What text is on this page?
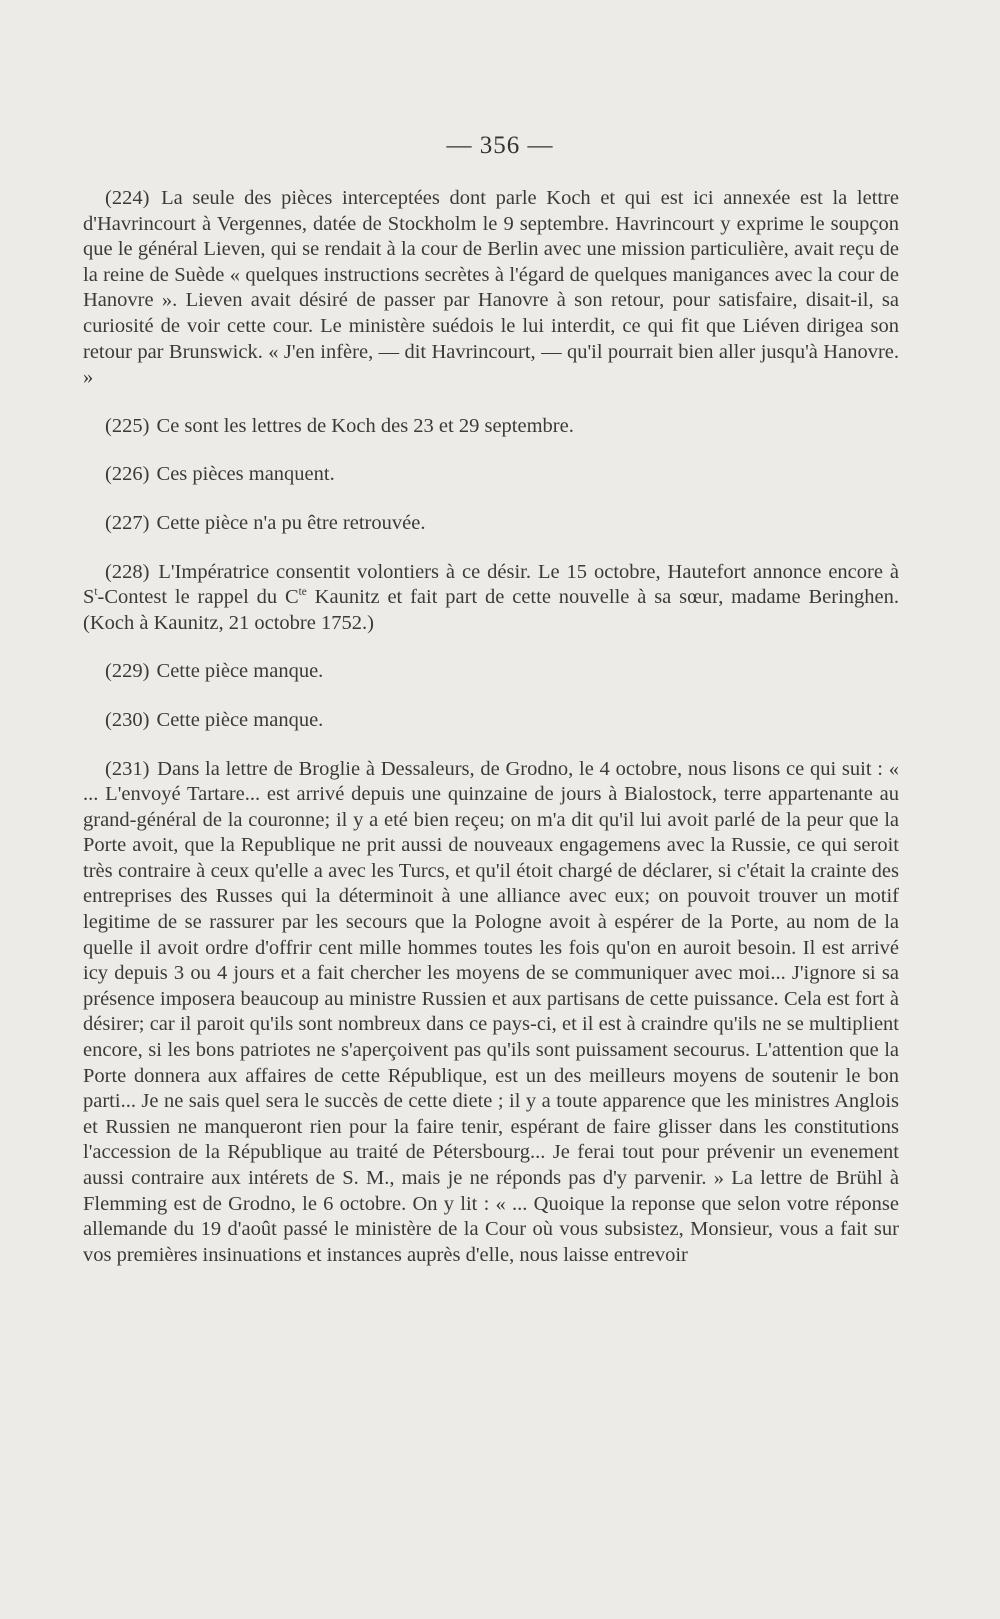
— 356 —

(224) La seule des pièces interceptées dont parle Koch et qui est ici annexée est la lettre d'Havrincourt à Vergennes, datée de Stockholm le 9 septembre. Havrincourt y exprime le soupçon que le général Lieven, qui se rendait à la cour de Berlin avec une mission particulière, avait reçu de la reine de Suède « quelques instructions secrètes à l'égard de quelques manigances avec la cour de Hanovre ». Lieven avait désiré de passer par Hanovre à son retour, pour satisfaire, disait-il, sa curiosité de voir cette cour. Le ministère suédois le lui interdit, ce qui fit que Liéven dirigea son retour par Brunswick. « J'en infère, — dit Havrincourt, — qu'il pourrait bien aller jusqu'à Hanovre. »

(225) Ce sont les lettres de Koch des 23 et 29 septembre.

(226) Ces pièces manquent.

(227) Cette pièce n'a pu être retrouvée.

(228) L'Impératrice consentit volontiers à ce désir. Le 15 octobre, Hautefort annonce encore à $S^t$-Contest le rappel du $C^{te}$ Kaunitz et fait part de cette nouvelle à sa sœur, madame Beringhen. (Koch à Kaunitz, 21 octobre 1752.)

(229) Cette pièce manque.

(230) Cette pièce manque.

(231) Dans la lettre de Broglie à Dessaleurs, de Grodno, le 4 octobre, nous lisons ce qui suit : « ... L'envoyé Tartare... est arrivé depuis une quinzaine de jours à Bialostock, terre appartenante au grand-général de la couronne; il y a eté bien reçeu; on m'a dit qu'il lui avoit parlé de la peur que la Porte avoit, que la Republique ne prit aussi de nouveaux engagemens avec la Russie, ce qui seroit très contraire à ceux qu'elle a avec les Turcs, et qu'il étoit chargé de déclarer, si c'était la crainte des entreprises des Russes qui la déterminoit à une alliance avec eux; on pouvoit trouver un motif legitime de se rassurer par les secours que la Pologne avoit à espérer de la Porte, au nom de la quelle il avoit ordre d'offrir cent mille hommes toutes les fois qu'on en auroit besoin. Il est arrivé icy depuis 3 ou 4 jours et a fait chercher les moyens de se communiquer avec moi... J'ignore si sa présence imposera beaucoup au ministre Russien et aux partisans de cette puissance. Cela est fort à désirer; car il paroit qu'ils sont nombreux dans ce pays-ci, et il est à craindre qu'ils ne se multiplient encore, si les bons patriotes ne s'aperçoivent pas qu'ils sont puissament secourus. L'attention que la Porte donnera aux affaires de cette République, est un des meilleurs moyens de soutenir le bon parti... Je ne sais quel sera le succès de cette diete ; il y a toute apparence que les ministres Anglois et Russien ne manqueront rien pour la faire tenir, espérant de faire glisser dans les constitutions l'accession de la République au traité de Pétersbourg... Je ferai tout pour prévenir un evenement aussi contraire aux intérets de S. M., mais je ne réponds pas d'y parvenir. » La lettre de Brühl à Flemming est de Grodno, le 6 octobre. On y lit : « ... Quoique la reponse que selon votre réponse allemande du 19 d'août passé le ministère de la Cour où vous subsistez, Monsieur, vous a fait sur vos premières insinuations et instances auprès d'elle, nous laisse entrevoir
